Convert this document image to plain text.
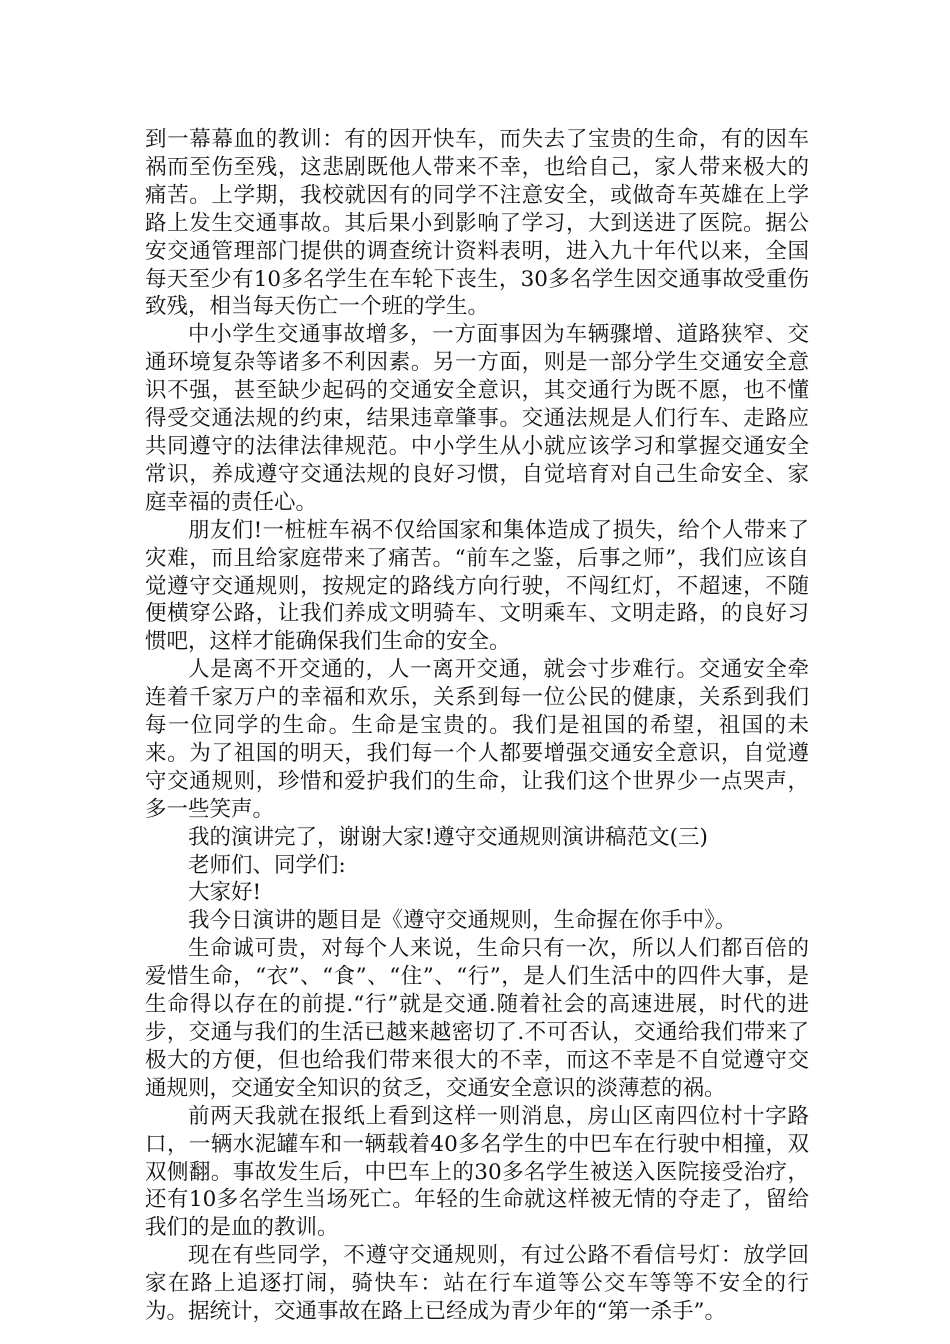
到一幕幕血的教训：有的因开快车，而失去了宝贵的生命，有的因车祸而至伤至残，这悲剧既他人带来不幸，也给自己，家人带来极大的痛苦。上学期，我校就因有的同学不注意安全，或做奇车英雄在上学路上发生交通事故。其后果小到影响了学习，大到送进了医院。据公安交通管理部门提供的调查统计资料表明，进入九十年代以来，全国每天至少有10多名学生在车轮下丧生，30多名学生因交通事故受重伤致残，相当每天伤亡一个班的学生。

中小学生交通事故增多，一方面事因为车辆骤增、道路狭窄、交通环境复杂等诸多不利因素。另一方面，则是一部分学生交通安全意识不强，甚至缺少起码的交通安全意识，其交通行为既不愿，也不懂得受交通法规的约束，结果违章肇事。交通法规是人们行车、走路应共同遵守的法律法律规范。中小学生从小就应该学习和掌握交通安全常识，养成遵守交通法规的良好习惯，自觉培育对自己生命安全、家庭幸福的责任心。

朋友们!一桩桩车祸不仅给国家和集体造成了损失，给个人带来了灾难，而且给家庭带来了痛苦。“前车之鉴，后事之师”，我们应该自觉遵守交通规则，按规定的路线方向行驶，不闯红灯，不超速，不随便横穿公路，让我们养成文明骑车、文明乘车、文明走路，的良好习惯吧，这样才能确保我们生命的安全。

人是离不开交通的，人一离开交通，就会寸步难行。交通安全牵连着千家万户的幸福和欢乐，关系到每一位公民的健康，关系到我们每一位同学的生命。生命是宝贵的。我们是祖国的希望，祖国的未来。为了祖国的明天，我们每一个人都要增强交通安全意识，自觉遵守交通规则，珍惜和爱护我们的生命，让我们这个世界少一点哭声，多一些笑声。

我的演讲完了，谢谢大家!遵守交通规则演讲稿范文(三)

老师们、同学们:

大家好!

我今日演讲的题目是《遵守交通规则，生命握在你手中》。

生命诚可贵，对每个人来说，生命只有一次，所以人们都百倍的爱惜生命，“衣”、“食”、“住”、“行”，是人们生活中的四件大事，是生命得以存在的前提.“行”就是交通.随着社会的高速进展，时代的进步，交通与我们的生活已越来越密切了.不可否认，交通给我们带来了极大的方便，但也给我们带来很大的不幸，而这不幸是不自觉遵守交通规则，交通安全知识的贫乏，交通安全意识的淡薄惹的祸。

前两天我就在报纸上看到这样一则消息，房山区南四位村十字路口，一辆水泥罐车和一辆载着40多名学生的中巴车在行驶中相撞，双双侧翻。事故发生后，中巴车上的30多名学生被送入医院接受治疗，还有10多名学生当场死亡。年轻的生命就这样被无情的夺走了，留给我们的是血的教训。

现在有些同学，不遵守交通规则，有过公路不看信号灯：放学回家在路上追逐打闹，骑快车：站在行车道等公交车等等不安全的行为。据统计，交通事故在路上已经成为青少年的“第一杀手”。
